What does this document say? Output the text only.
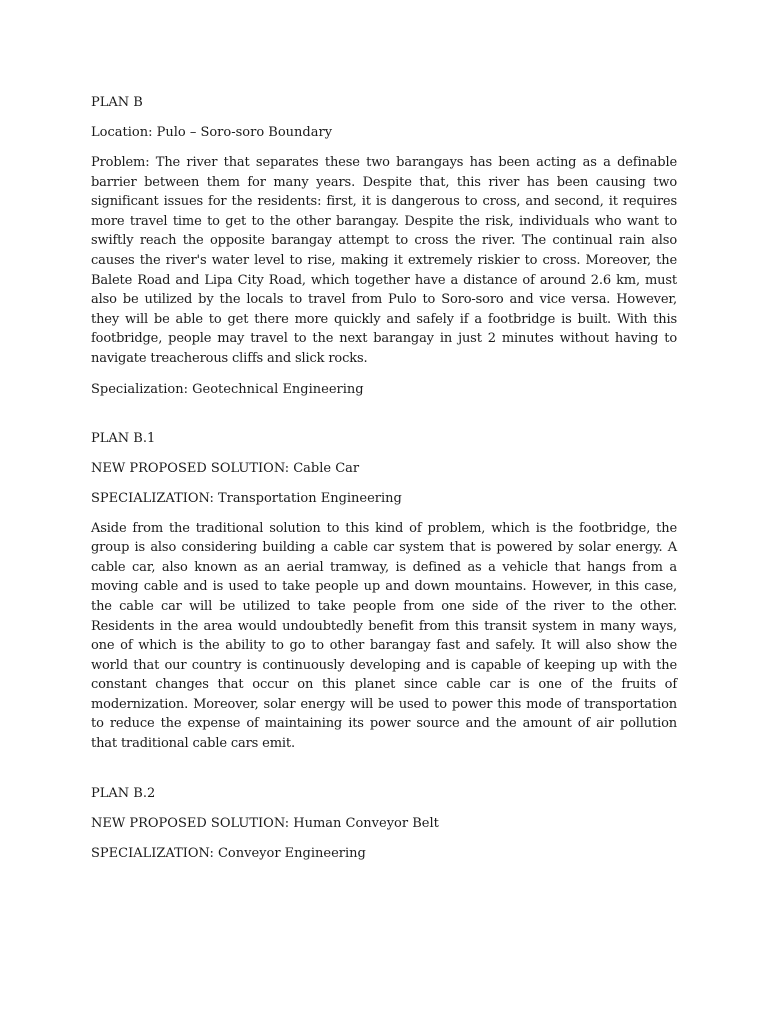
PLAN B

Location: Pulo – Soro-soro Boundary

Problem: The river that separates these two barangays has been acting as a definable barrier between them for many years. Despite that, this river has been causing two significant issues for the residents: first, it is dangerous to cross, and second, it requires more travel time to get to the other barangay. Despite the risk, individuals who want to swiftly reach the opposite barangay attempt to cross the river. The continual rain also causes the river's water level to rise, making it extremely riskier to cross. Moreover, the Balete Road and Lipa City Road, which together have a distance of around 2.6 km, must also be utilized by the locals to travel from Pulo to Soro-soro and vice versa. However, they will be able to get there more quickly and safely if a footbridge is built. With this footbridge, people may travel to the next barangay in just 2 minutes without having to navigate treacherous cliffs and slick rocks.

Specialization: Geotechnical Engineering

PLAN B.1

NEW PROPOSED SOLUTION: Cable Car

SPECIALIZATION: Transportation Engineering

Aside from the traditional solution to this kind of problem, which is the footbridge, the group is also considering building a cable car system that is powered by solar energy. A cable car, also known as an aerial tramway, is defined as a vehicle that hangs from a moving cable and is used to take people up and down mountains. However, in this case, the cable car will be utilized to take people from one side of the river to the other. Residents in the area would undoubtedly benefit from this transit system in many ways, one of which is the ability to go to other barangay fast and safely. It will also show the world that our country is continuously developing and is capable of keeping up with the constant changes that occur on this planet since cable car is one of the fruits of modernization. Moreover, solar energy will be used to power this mode of transportation to reduce the expense of maintaining its power source and the amount of air pollution that traditional cable cars emit.

PLAN B.2

NEW PROPOSED SOLUTION: Human Conveyor Belt

SPECIALIZATION: Conveyor Engineering
